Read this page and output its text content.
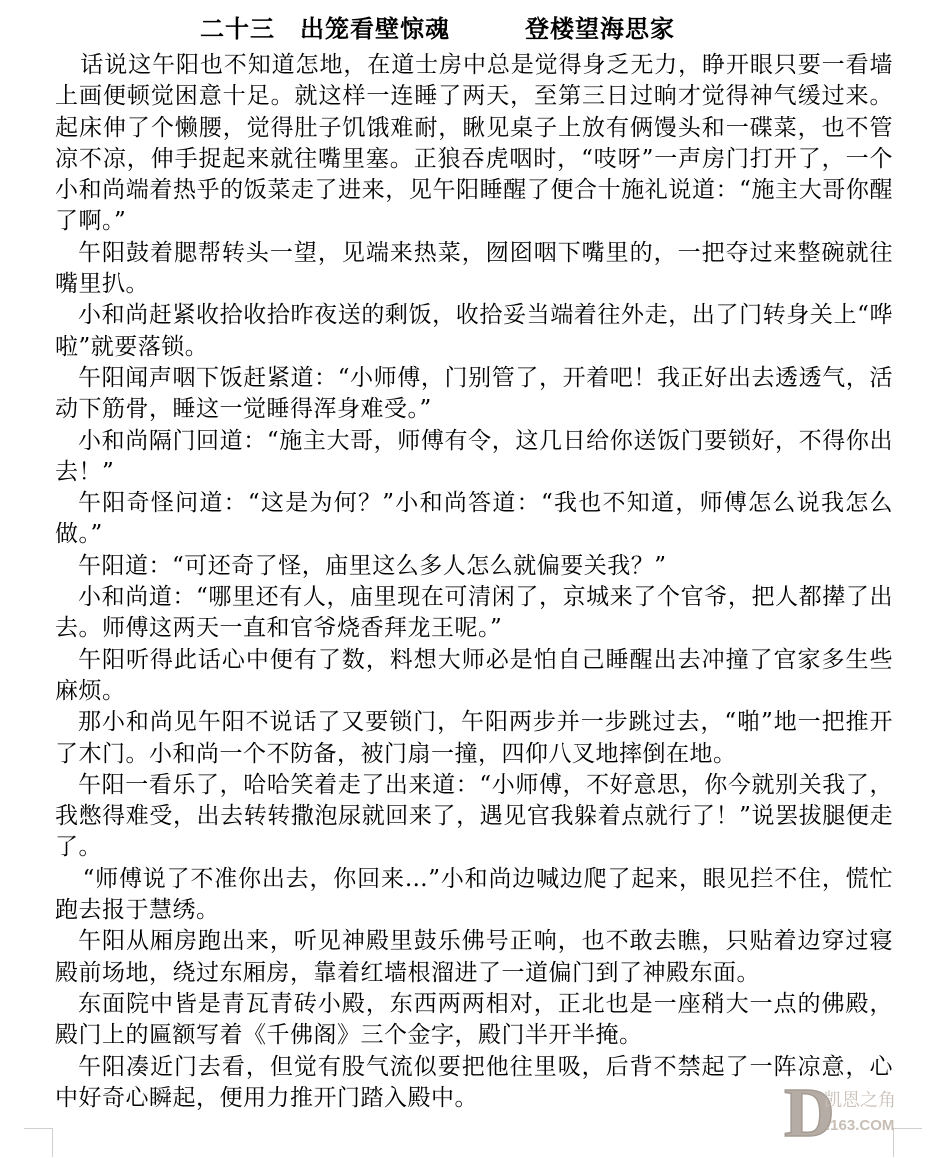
二十三　出笼看壁惊魂　　　登楼望海思家

话说这午阳也不知道怎地，在道士房中总是觉得身乏无力，睁开眼只要一看墙上画便顿觉困意十足。就这样一连睡了两天，至第三日过晌才觉得神气缓过来。起床伸了个懒腰，觉得肚子饥饿难耐，瞅见桌子上放有俩馒头和一碟菜，也不管凉不凉，伸手捉起来就往嘴里塞。正狼吞虎咽时，“吱呀”一声房门打开了，一个小和尚端着热乎的饭菜走了进来，见午阳睡醒了便合十施礼说道：“施主大哥你醒了啊。”

午阳鼓着腮帮转头一望，见端来热菜，囫囵咽下嘴里的，一把夺过来整碗就往嘴里扒。

小和尚赶紧收拾收拾昨夜送的剩饭，收拾妥当端着往外走，出了门转身关上“哗啦”就要落锁。

午阳闻声咽下饭赶紧道：“小师傅，门别管了，开着吧！我正好出去透透气，活动下筋骨，睡这一觉睡得浑身难受。”

小和尚隔门回道：“施主大哥，师傅有令，这几日给你送饭门要锁好，不得你出去！”

午阳奇怪问道：“这是为何？”小和尚答道：“我也不知道，师傅怎么说我怎么做。”

午阳道：“可还奇了怪，庙里这么多人怎么就偏要关我？”

小和尚道：“哪里还有人，庙里现在可清闲了，京城来了个官爷，把人都撵了出去。师傅这两天一直和官爷烧香拜龙王呢。”

午阳听得此话心中便有了数，料想大师必是怕自己睡醒出去冲撞了官家多生些麻烦。

那小和尚见午阳不说话了又要锁门，午阳两步并一步跳过去，“啪”地一把推开了木门。小和尚一个不防备，被门扇一撞，四仰八叉地摔倒在地。

午阳一看乐了，哈哈笑着走了出来道：“小师傅，不好意思，你今就别关我了，我憋得难受，出去转转撒泡尿就回来了，遇见官我躲着点就行了！”说罢拔腿便走了。

“师傅说了不准你出去，你回来…”小和尚边喊边爬了起来，眼见拦不住，慌忙跑去报于慧绣。

午阳从厢房跑出来，听见神殿里鼓乐佛号正响，也不敢去瞧，只贴着边穿过寝殿前场地，绕过东厢房，靠着红墙根溜进了一道偏门到了神殿东面。

东面院中皆是青瓦青砖小殿，东西两两相对，正北也是一座稍大一点的佛殿，殿门上的匾额写着《千佛阁》三个金字，殿门半开半掩。

午阳凑近门去看，但觉有股气流似要把他往里吸，后背不禁起了一阵凉意，心中好奇心瞬起，便用力推开门踏入殿中。	D
凯恩之角
.163.COM
